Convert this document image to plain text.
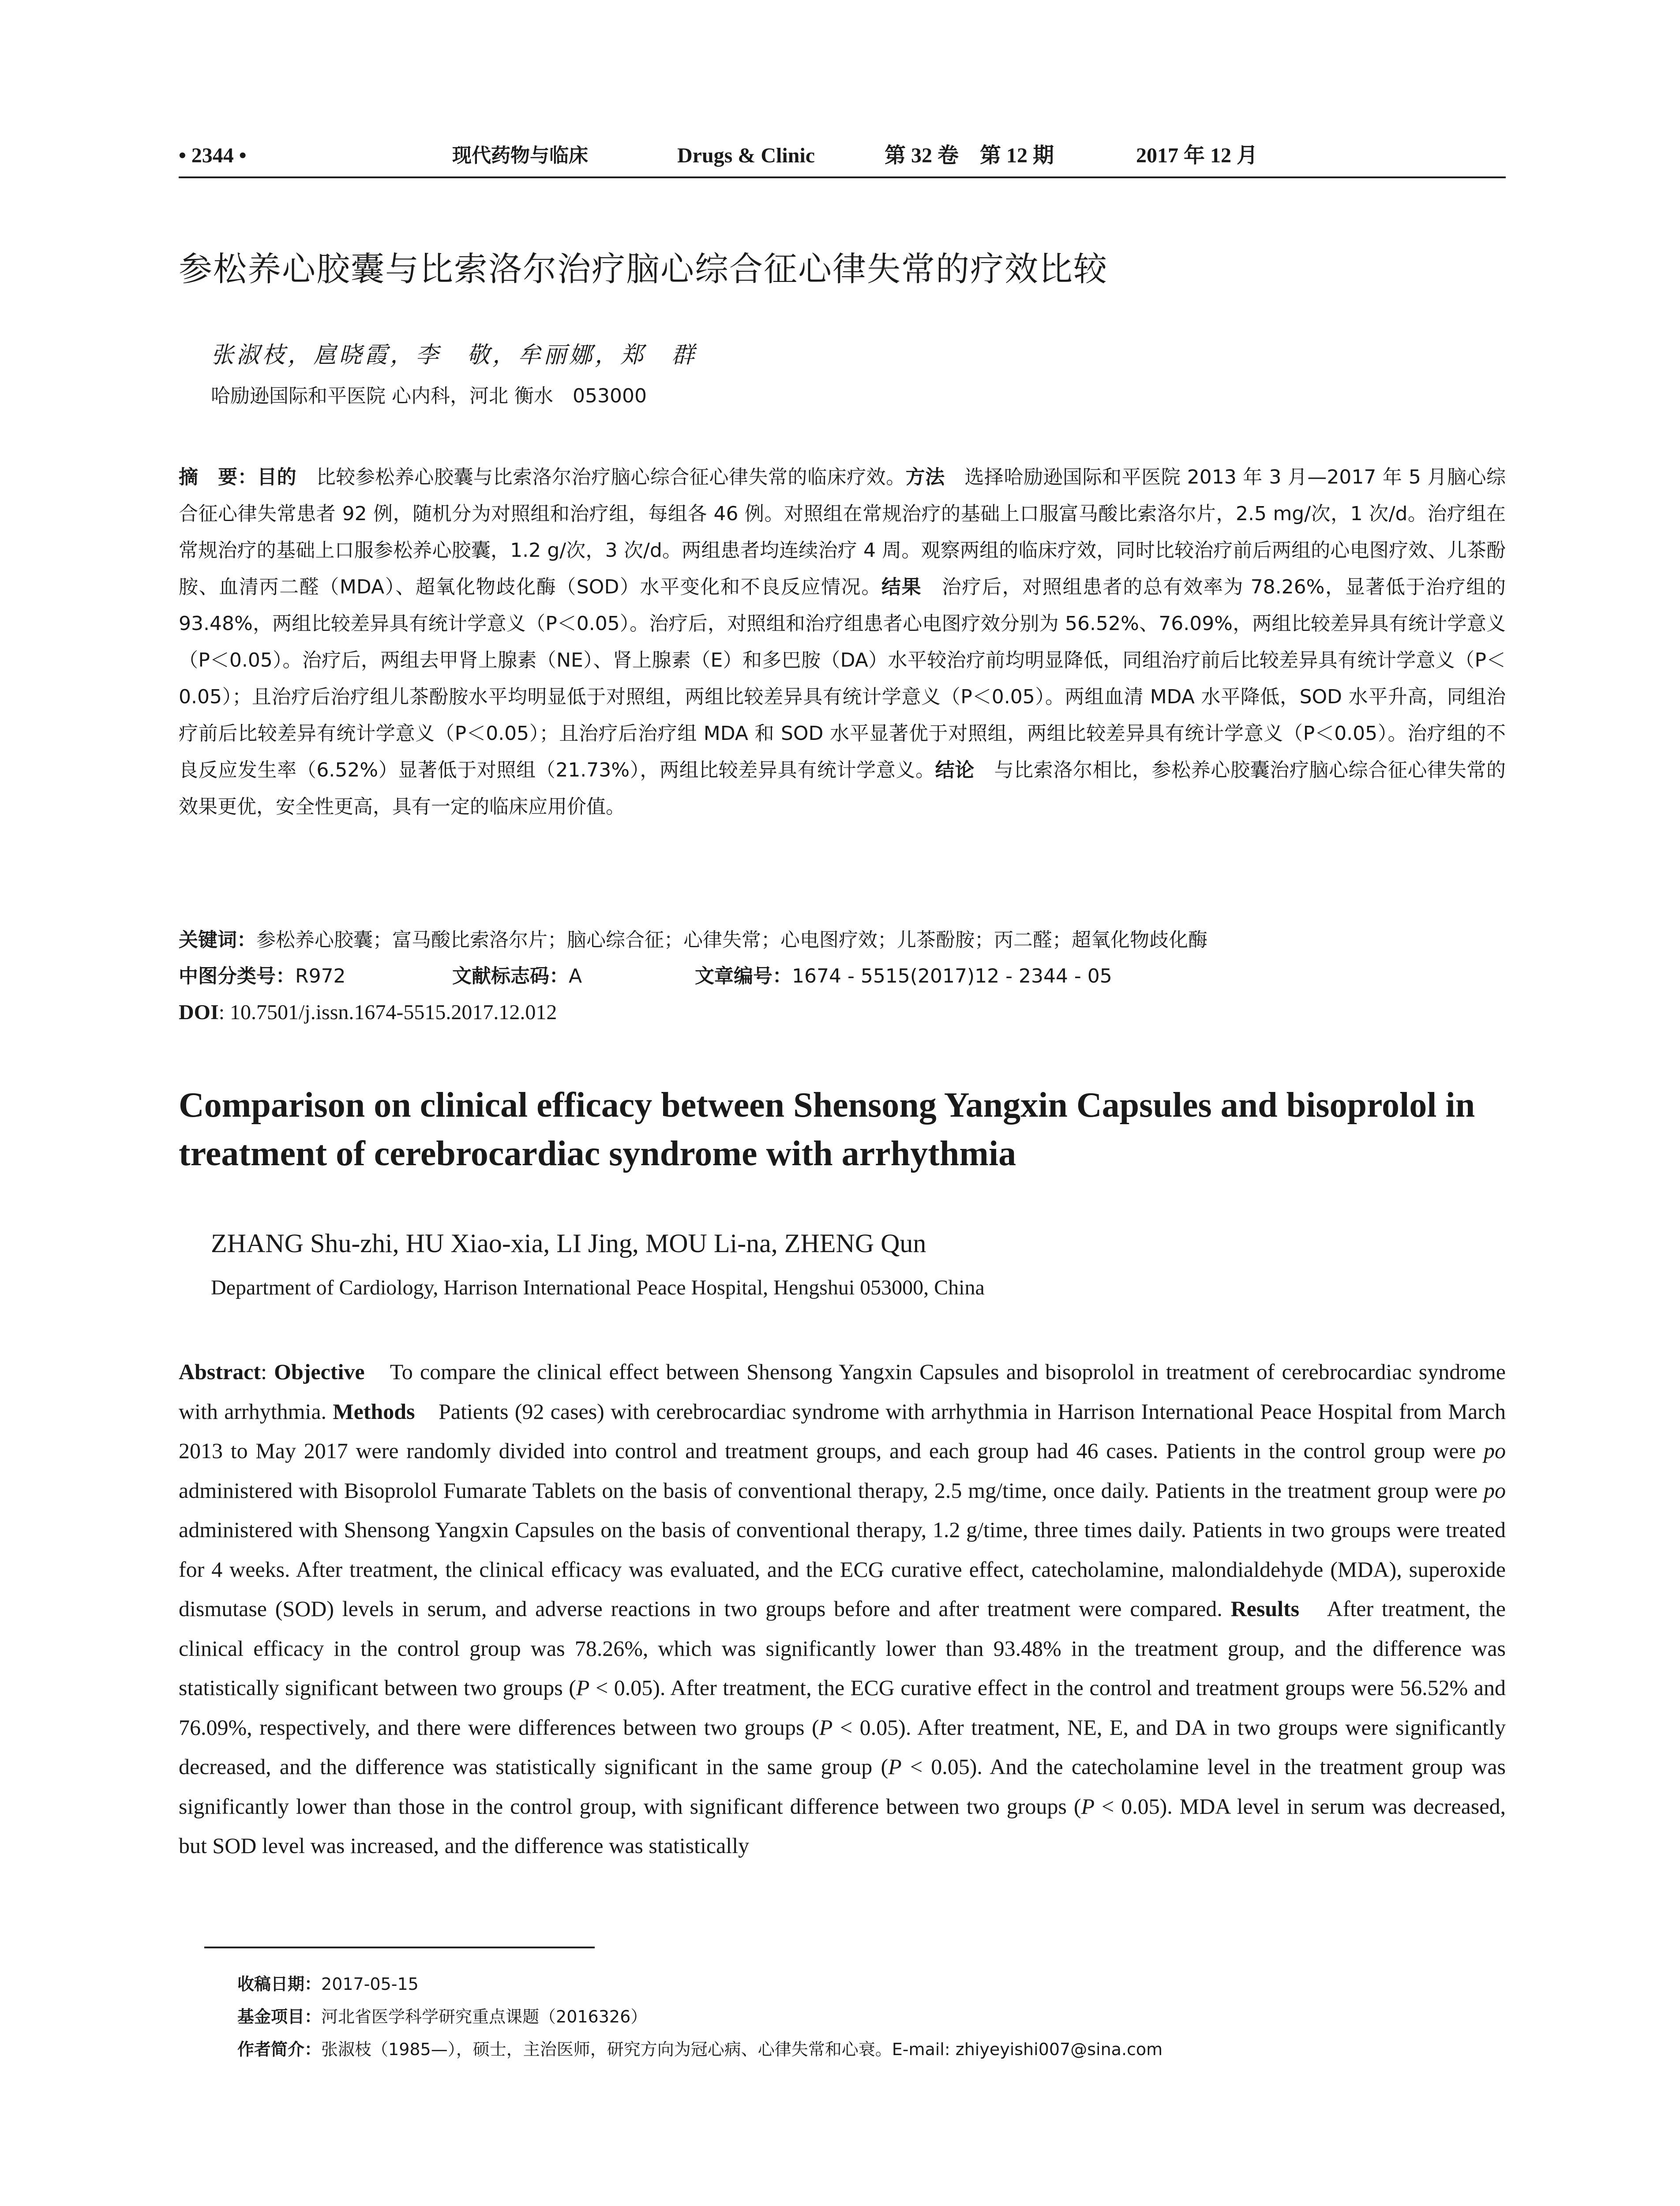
• 2344 •	现代药物与临床	Drugs & Clinic	第 32 卷　第 12 期	2017 年 12 月
参松养心胶囊与比索洛尔治疗脑心综合征心律失常的疗效比较
张淑枝，扈晓霞，李　敬，牟丽娜，郑　群
哈励逊国际和平医院 心内科，河北 衡水　053000
摘　要：目的　比较参松养心胶囊与比索洛尔治疗脑心综合征心律失常的临床疗效。方法　选择哈励逊国际和平医院 2013 年 3 月—2017 年 5 月脑心综合征心律失常患者 92 例，随机分为对照组和治疗组，每组各 46 例。对照组在常规治疗的基础上口服富马酸比索洛尔片，2.5 mg/次，1 次/d。治疗组在常规治疗的基础上口服参松养心胶囊，1.2 g/次，3 次/d。两组患者均连续治疗 4 周。观察两组的临床疗效，同时比较治疗前后两组的心电图疗效、儿茶酚胺、血清丙二醛（MDA）、超氧化物歧化酶（SOD）水平变化和不良反应情况。结果　治疗后，对照组患者的总有效率为 78.26%，显著低于治疗组的 93.48%，两组比较差异具有统计学意义（P＜0.05）。治疗后，对照组和治疗组患者心电图疗效分别为 56.52%、76.09%，两组比较差异具有统计学意义（P＜0.05）。治疗后，两组去甲肾上腺素（NE）、肾上腺素（E）和多巴胺（DA）水平较治疗前均明显降低，同组治疗前后比较差异具有统计学意义（P＜0.05）；且治疗后治疗组儿茶酚胺水平均明显低于对照组，两组比较差异具有统计学意义（P＜0.05）。两组血清 MDA 水平降低，SOD 水平升高，同组治疗前后比较差异有统计学意义（P＜0.05）；且治疗后治疗组 MDA 和 SOD 水平显著优于对照组，两组比较差异具有统计学意义（P＜0.05）。治疗组的不良反应发生率（6.52%）显著低于对照组（21.73%），两组比较差异具有统计学意义。结论　与比索洛尔相比，参松养心胶囊治疗脑心综合征心律失常的效果更优，安全性更高，具有一定的临床应用价值。
关键词：参松养心胶囊；富马酸比索洛尔片；脑心综合征；心律失常；心电图疗效；儿茶酚胺；丙二醛；超氧化物歧化酶
中图分类号：R972	文献标志码：A	文章编号：1674 - 5515(2017)12 - 2344 - 05
DOI: 10.7501/j.issn.1674-5515.2017.12.012
Comparison on clinical efficacy between Shensong Yangxin Capsules and bisoprolol in treatment of cerebrocardiac syndrome with arrhythmia
ZHANG Shu-zhi, HU Xiao-xia, LI Jing, MOU Li-na, ZHENG Qun
Department of Cardiology, Harrison International Peace Hospital, Hengshui 053000, China
Abstract: Objective　To compare the clinical effect between Shensong Yangxin Capsules and bisoprolol in treatment of cerebrocardiac syndrome with arrhythmia. Methods　Patients (92 cases) with cerebrocardiac syndrome with arrhythmia in Harrison International Peace Hospital from March 2013 to May 2017 were randomly divided into control and treatment groups, and each group had 46 cases. Patients in the control group were po administered with Bisoprolol Fumarate Tablets on the basis of conventional therapy, 2.5 mg/time, once daily. Patients in the treatment group were po administered with Shensong Yangxin Capsules on the basis of conventional therapy, 1.2 g/time, three times daily. Patients in two groups were treated for 4 weeks. After treatment, the clinical efficacy was evaluated, and the ECG curative effect, catecholamine, malondialdehyde (MDA), superoxide dismutase (SOD) levels in serum, and adverse reactions in two groups before and after treatment were compared. Results　After treatment, the clinical efficacy in the control group was 78.26%, which was significantly lower than 93.48% in the treatment group, and the difference was statistically significant between two groups (P < 0.05). After treatment, the ECG curative effect in the control and treatment groups were 56.52% and 76.09%, respectively, and there were differences between two groups (P < 0.05). After treatment, NE, E, and DA in two groups were significantly decreased, and the difference was statistically significant in the same group (P < 0.05). And the catecholamine level in the treatment group was significantly lower than those in the control group, with significant difference between two groups (P < 0.05). MDA level in serum was decreased, but SOD level was increased, and the difference was statistically
收稿日期：2017-05-15
基金项目：河北省医学科学研究重点课题（2016326）
作者简介：张淑枝（1985—），硕士，主治医师，研究方向为冠心病、心律失常和心衰。E-mail: zhiyeyishi007@sina.com
